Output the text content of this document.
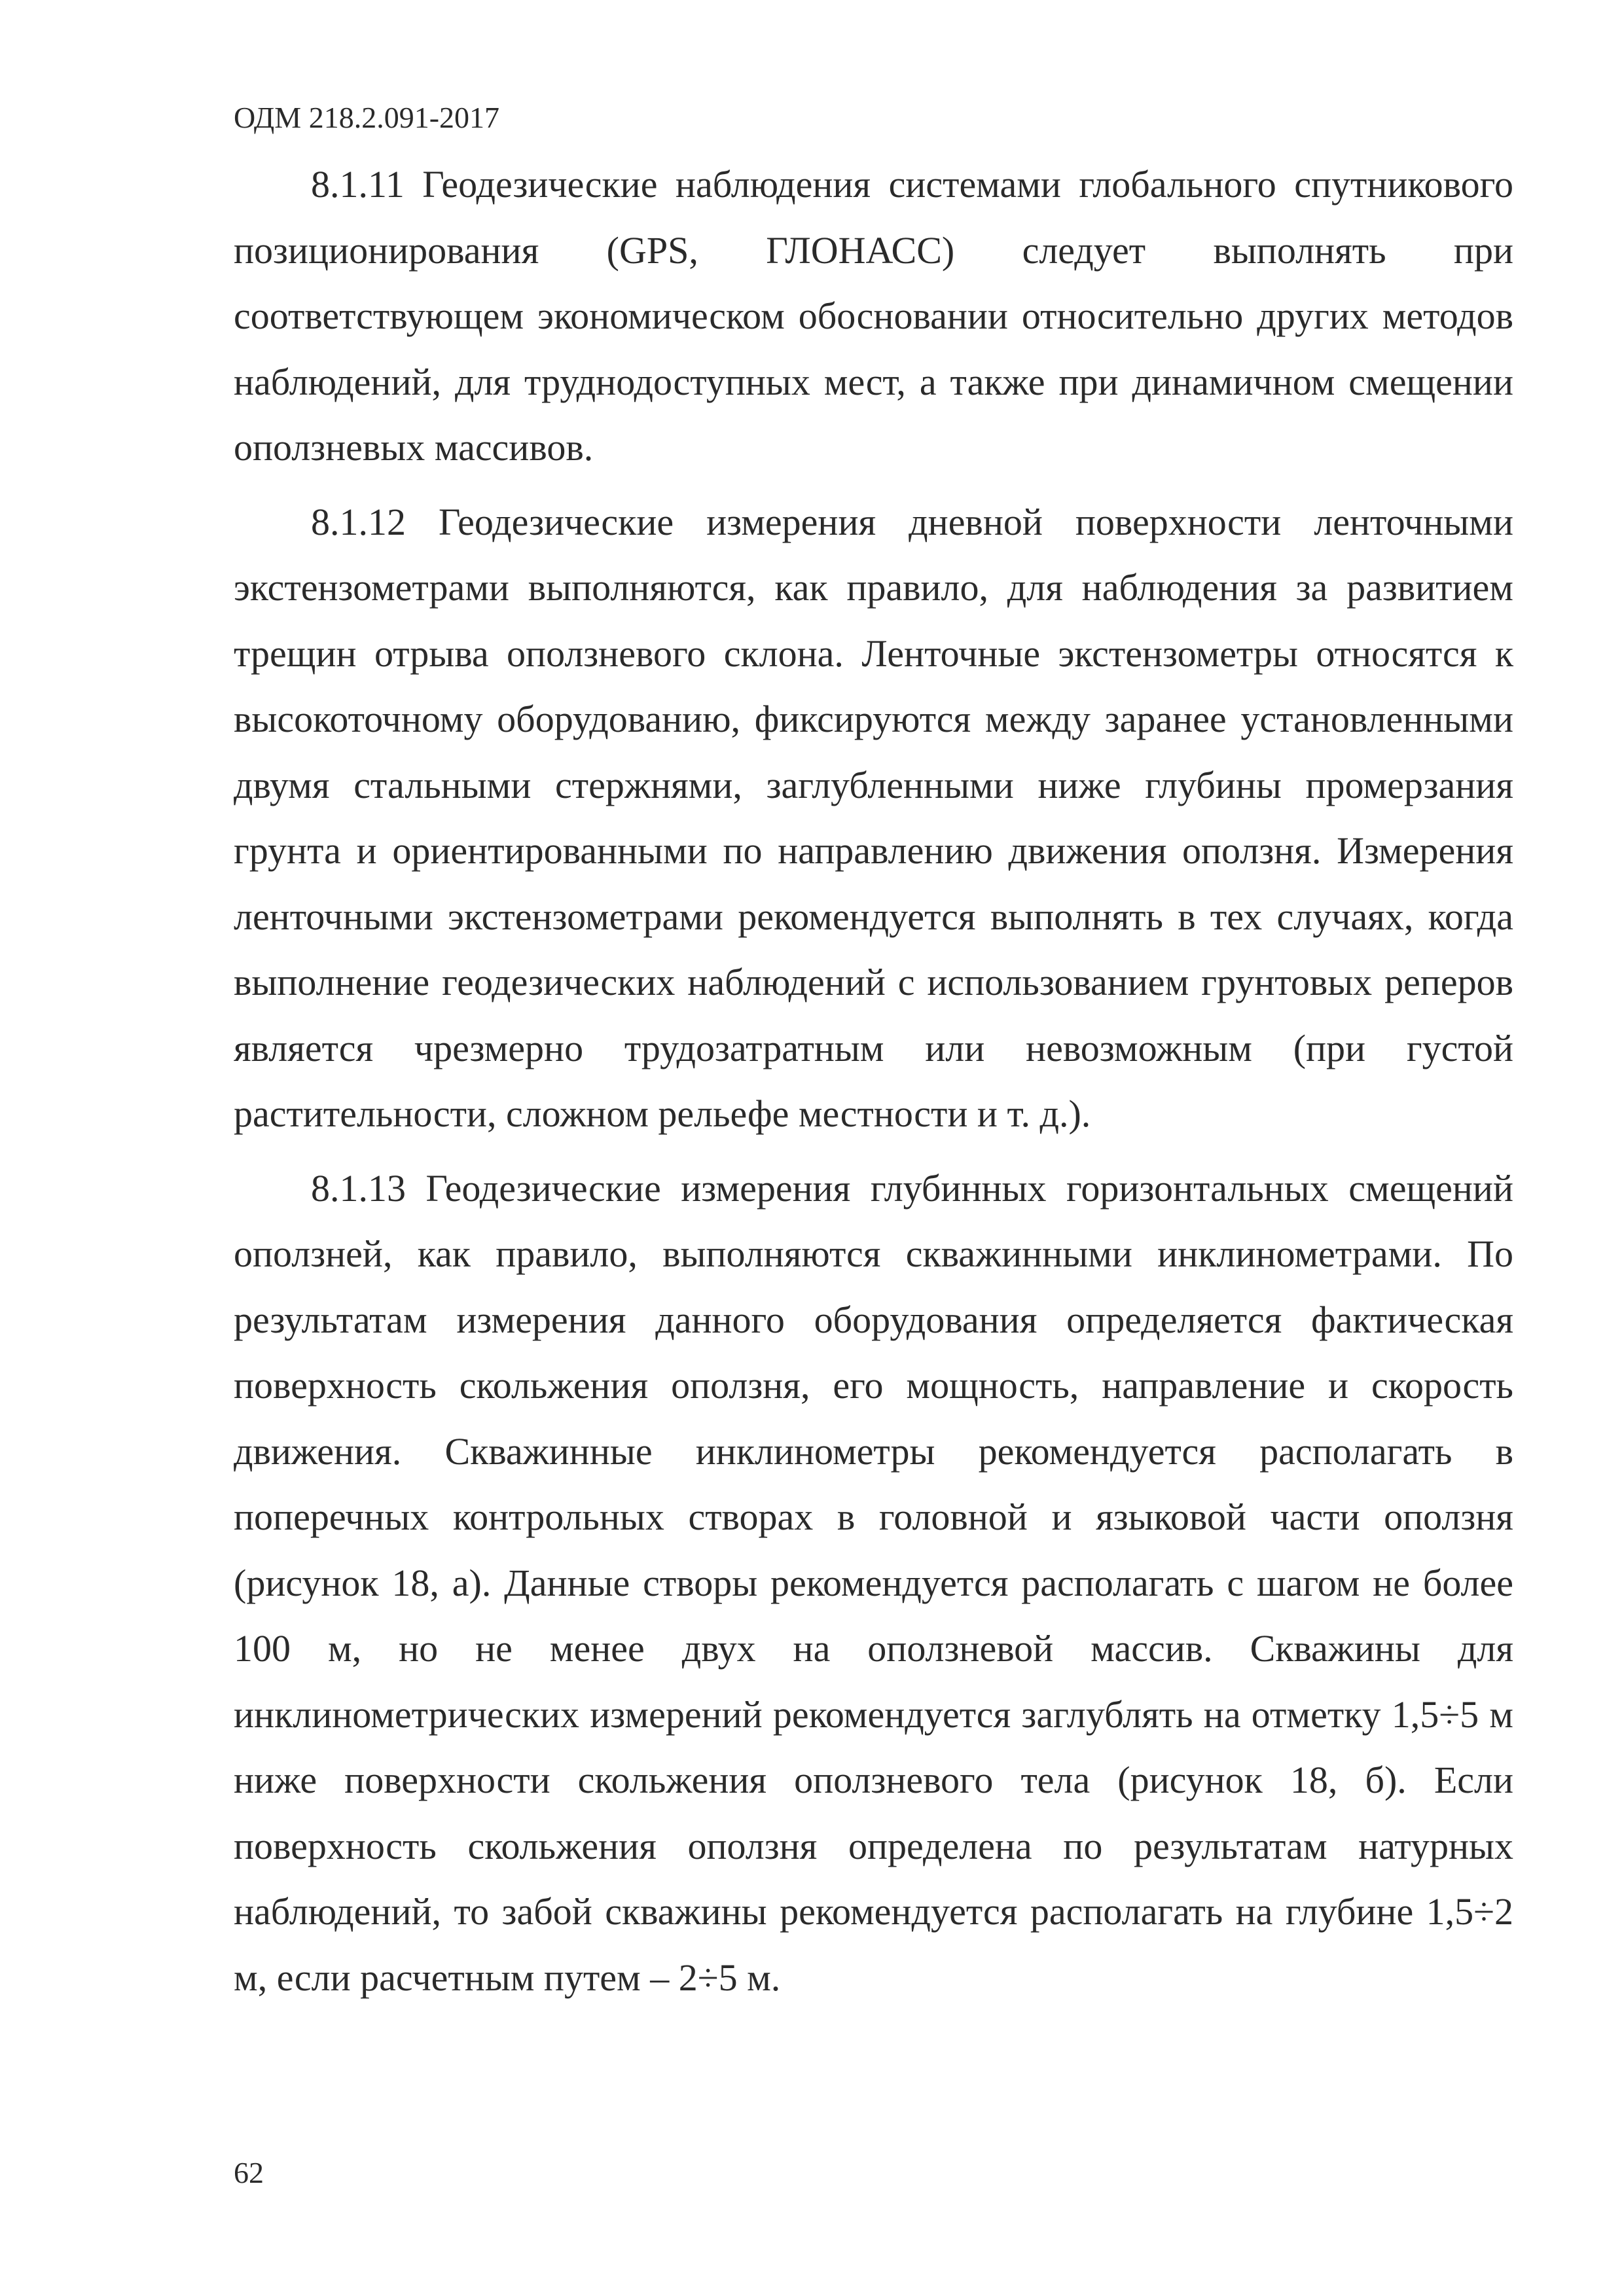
ОДМ 218.2.091-2017

8.1.11 Геодезические наблюдения системами глобального спутникового позиционирования (GPS, ГЛОНАСС) следует выполнять при соответствующем экономическом обосновании относительно других методов наблюдений, для труднодоступных мест, а также при динамичном смещении оползневых массивов.

8.1.12 Геодезические измерения дневной поверхности ленточными экстензометрами выполняются, как правило, для наблюдения за развитием трещин отрыва оползневого склона. Ленточные экстензометры относятся к высокоточному оборудованию, фиксируются между заранее установленными двумя стальными стержнями, заглубленными ниже глубины промерзания грунта и ориентированными по направлению движения оползня. Измерения ленточными экстензометрами рекомендуется выполнять в тех случаях, когда выполнение геодезических наблюдений с использованием грунтовых реперов является чрезмерно трудозатратным или невозможным (при густой растительности, сложном рельефе местности и т. д.).

8.1.13 Геодезические измерения глубинных горизонтальных смещений оползней, как правило, выполняются скважинными инклинометрами. По результатам измерения данного оборудования определяется фактическая поверхность скольжения оползня, его мощность, направление и скорость движения. Скважинные инклинометры рекомендуется располагать в поперечных контрольных створах в головной и языковой части оползня (рисунок 18, а). Данные створы рекомендуется располагать с шагом не более 100 м, но не менее двух на оползневой массив. Скважины для инклинометрических измерений рекомендуется заглублять на отметку 1,5÷5 м ниже поверхности скольжения оползневого тела (рисунок 18, б). Если поверхность скольжения оползня определена по результатам натурных наблюдений, то забой скважины рекомендуется располагать на глубине 1,5÷2 м, если расчетным путем – 2÷5 м.

62
